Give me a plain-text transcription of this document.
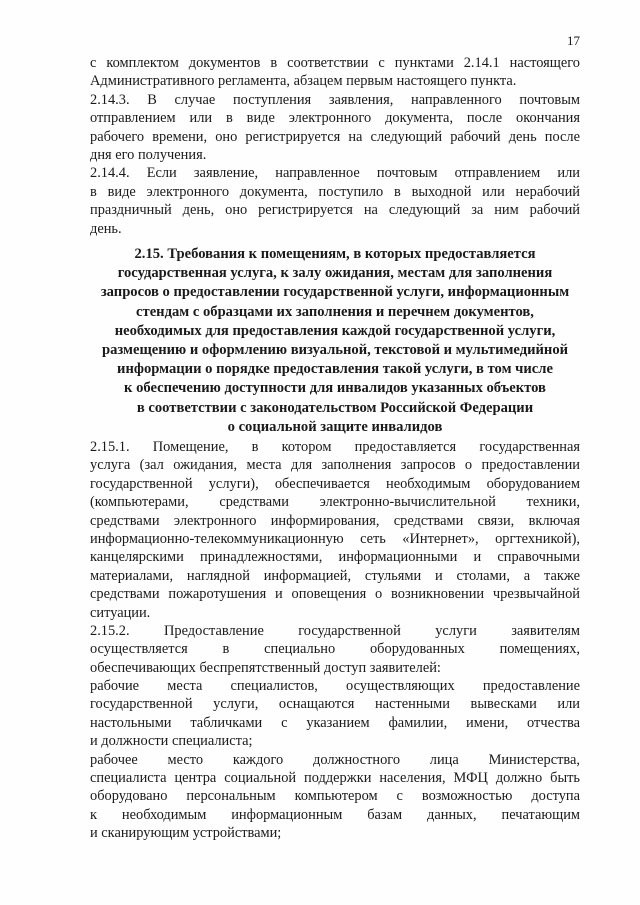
17
с комплектом документов в соответствии с пунктами 2.14.1 настоящего
Административного регламента, абзацем первым настоящего пункта.
2.14.3. В случае поступления заявления, направленного почтовым
отправлением или в виде электронного документа, после окончания
рабочего времени, оно регистрируется на следующий рабочий день после
дня его получения.
2.14.4. Если заявление, направленное почтовым отправлением или
в виде электронного документа, поступило в выходной или нерабочий
праздничный день, оно регистрируется на следующий за ним рабочий
день.
2.15. Требования к помещениям, в которых предоставляется
государственная услуга, к залу ожидания, местам для заполнения
запросов о предоставлении государственной услуги, информационным
стендам с образцами их заполнения и перечнем документов,
необходимых для предоставления каждой государственной услуги,
размещению и оформлению визуальной, текстовой и мультимедийной
информации о порядке предоставления такой услуги, в том числе
к обеспечению доступности для инвалидов указанных объектов
в соответствии с законодательством Российской Федерации
о социальной защите инвалидов
2.15.1. Помещение, в котором предоставляется государственная
услуга (зал ожидания, места для заполнения запросов о предоставлении
государственной услуги), обеспечивается необходимым оборудованием
(компьютерами, средствами электронно-вычислительной техники,
средствами электронного информирования, средствами связи, включая
информационно-телекоммуникационную сеть «Интернет», оргтехникой),
канцелярскими принадлежностями, информационными и справочными
материалами, наглядной информацией, стульями и столами, а также
средствами пожаротушения и оповещения о возникновении чрезвычайной
ситуации.
2.15.2. Предоставление государственной услуги заявителям
осуществляется в специально оборудованных помещениях,
обеспечивающих беспрепятственный доступ заявителей:
рабочие места специалистов, осуществляющих предоставление
государственной услуги, оснащаются настенными вывесками или
настольными табличками с указанием фамилии, имени, отчества
и должности специалиста;
рабочее место каждого должностного лица Министерства,
специалиста центра социальной поддержки населения, МФЦ должно быть
оборудовано персональным компьютером с возможностью доступа
к необходимым информационным базам данных, печатающим
и сканирующим устройствами;
